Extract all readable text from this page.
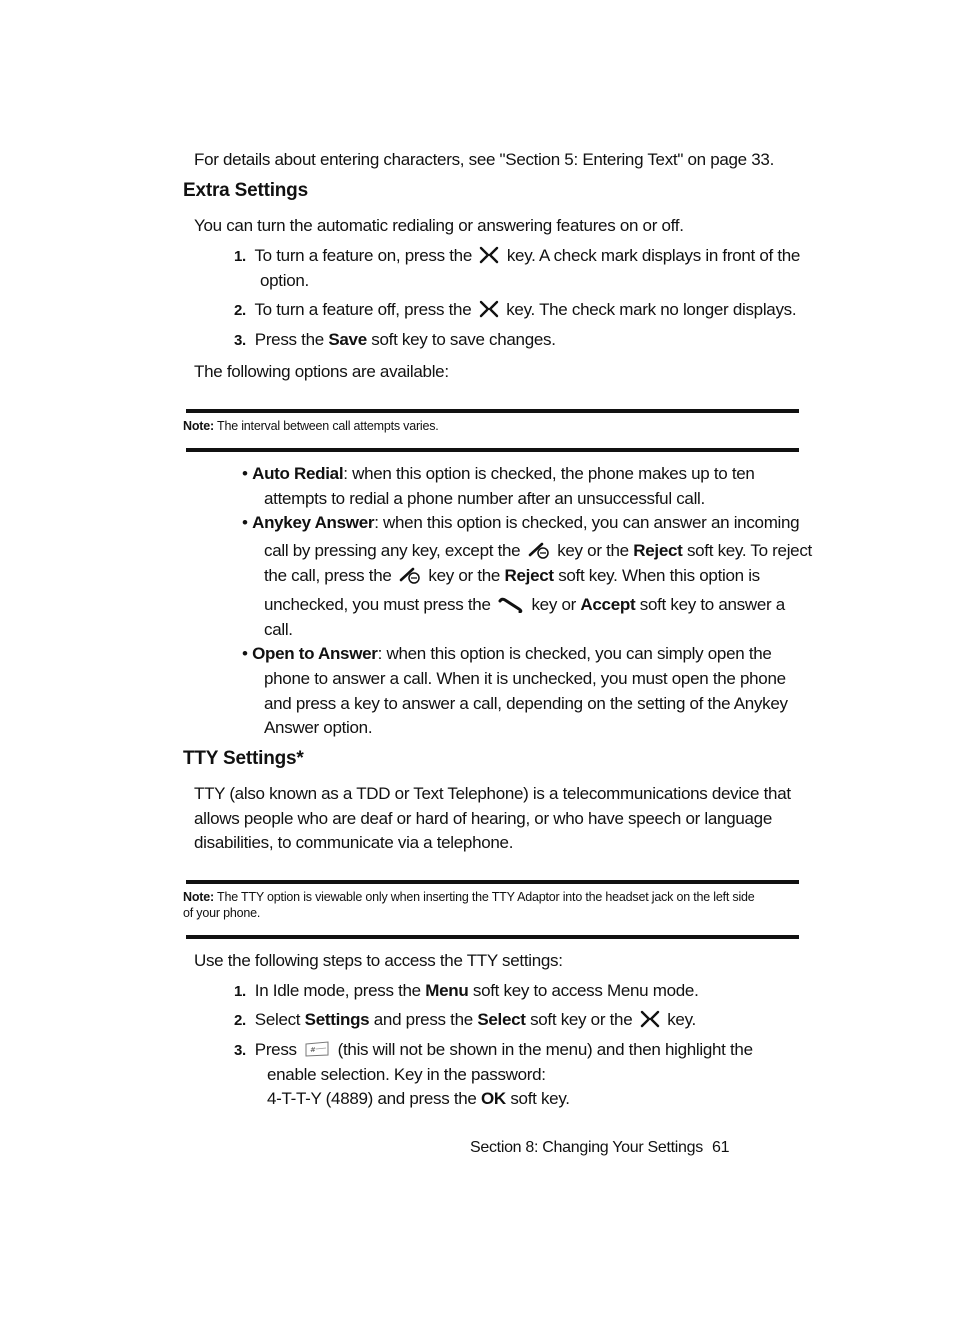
For details about entering characters, see "Section 5: Entering Text" on page 33.
Extra Settings
You can turn the automatic redialing or answering features on or off.
1. To turn a feature on, press the key. A check mark displays in front of the
option.
2. To turn a feature off, press the key. The check mark no longer displays.
3. Press the Save soft key to save changes.
The following options are available:
Note: The interval between call attempts varies.
• Auto Redial: when this option is checked, the phone makes up to ten
attempts to redial a phone number after an unsuccessful call.
• Anykey Answer: when this option is checked, you can answer an incoming
call by pressing any key, except the key or the Reject soft key. To reject
the call, press the key or the Reject soft key. When this option is
unchecked, you must press the key or Accept soft key to answer a
call.
• Open to Answer: when this option is checked, you can simply open the
phone to answer a call. When it is unchecked, you must open the phone
and press a key to answer a call, depending on the setting of the Anykey
Answer option.
TTY Settings*
TTY (also known as a TDD or Text Telephone) is a telecommunications device that
allows people who are deaf or hard of hearing, or who have speech or language
disabilities, to communicate via a telephone.
Note: The TTY option is viewable only when inserting the TTY Adaptor into the headset jack on the left side
of your phone.
Use the following steps to access the TTY settings:
1. In Idle mode, press the Menu soft key to access Menu mode.
2. Select Settings and press the Select soft key or the key.
3. Press # (this will not be shown in the menu) and then highlight the
enable selection. Key in the password:
4-T-T-Y (4889) and press the OK soft key.
Section 8: Changing Your Settings 61
